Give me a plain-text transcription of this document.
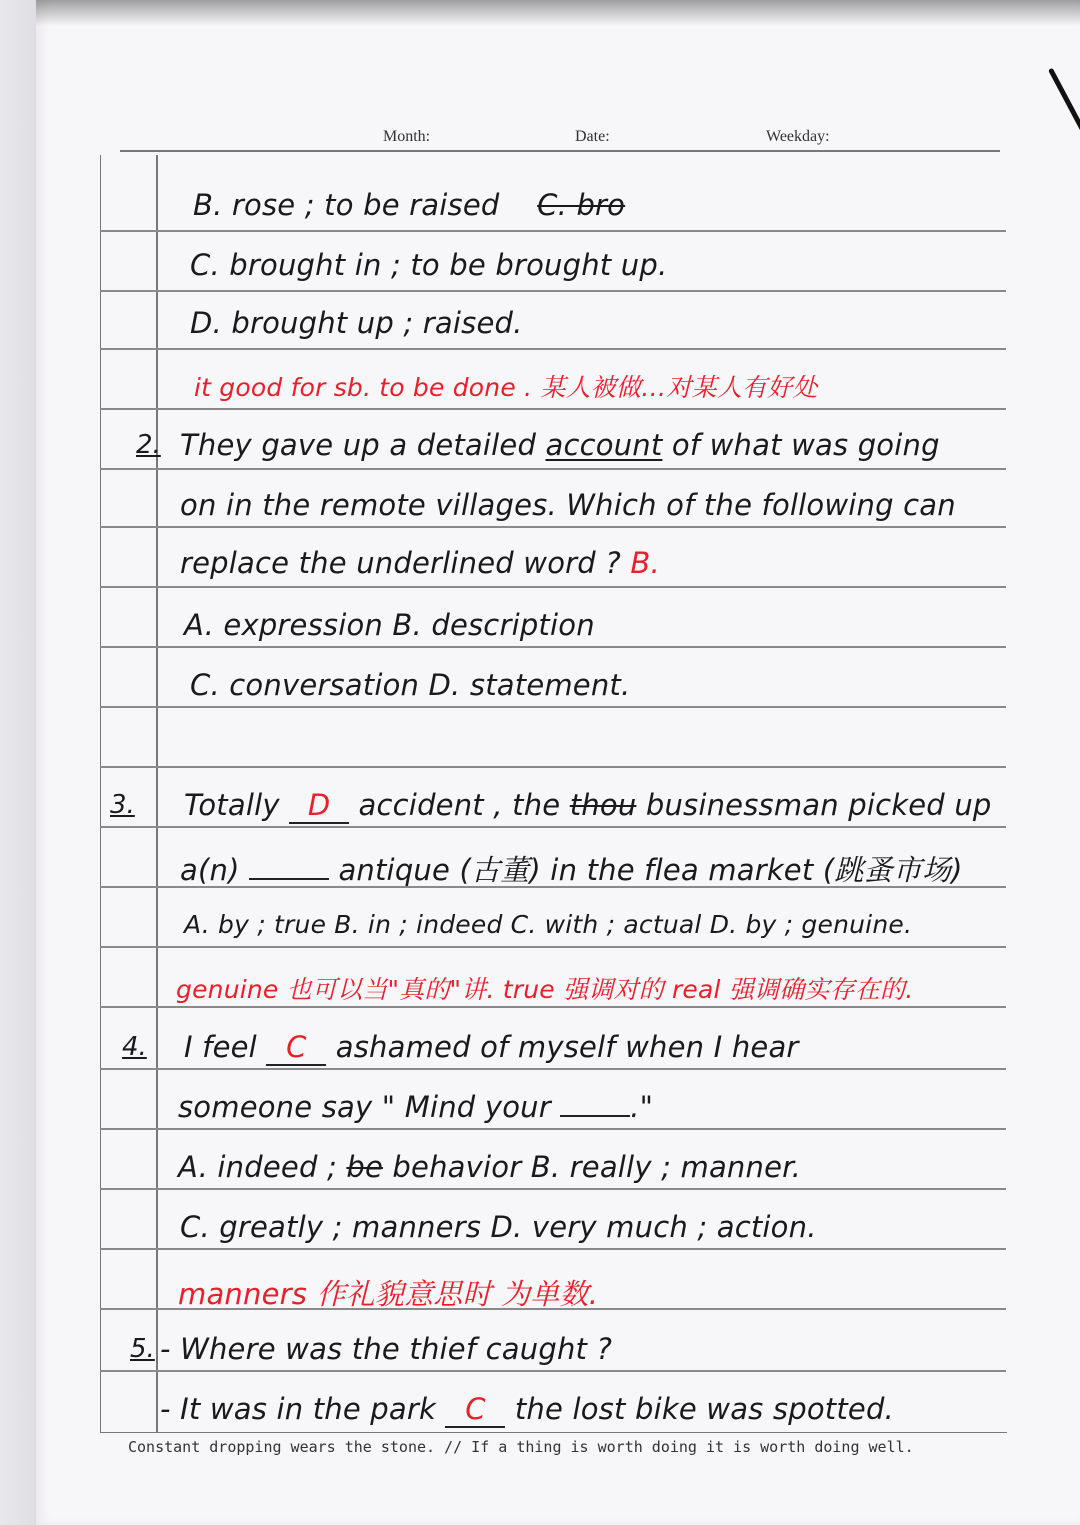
Month:	Date:	Weekday:
B. rose ; to be raised C. bro
C. brought in ; to be brought up.
D. brought up ; raised.
it good for sb. to be done . 某人被做…对某人有好处
2. They gave up a detailed account of what was going
on in the remote villages. Which of the following can
replace the underlined word ? B.
A. expression B. description
C. conversation D. statement.
3. Totally D accident , the thou businessman picked up
a(n)	antique (古董) in the flea market (跳蚤市场)
A. by ; true B. in ; indeed C. with ; actual D. by ; genuine.
genuine 也可以当"真的"讲. true 强调对的 real 强调确实存在的.
4. I feel C ashamed of myself when I hear
someone say " Mind your	."
A. indeed ; be behavior B. really ; manner.
C. greatly ; manners D. very much ; action.
manners 作礼貌意思时 为单数.
5. - Where was the thief caught ?
- It was in the park C the lost bike was spotted.
Constant dropping wears the stone. // If a thing is worth doing it is worth doing well.
